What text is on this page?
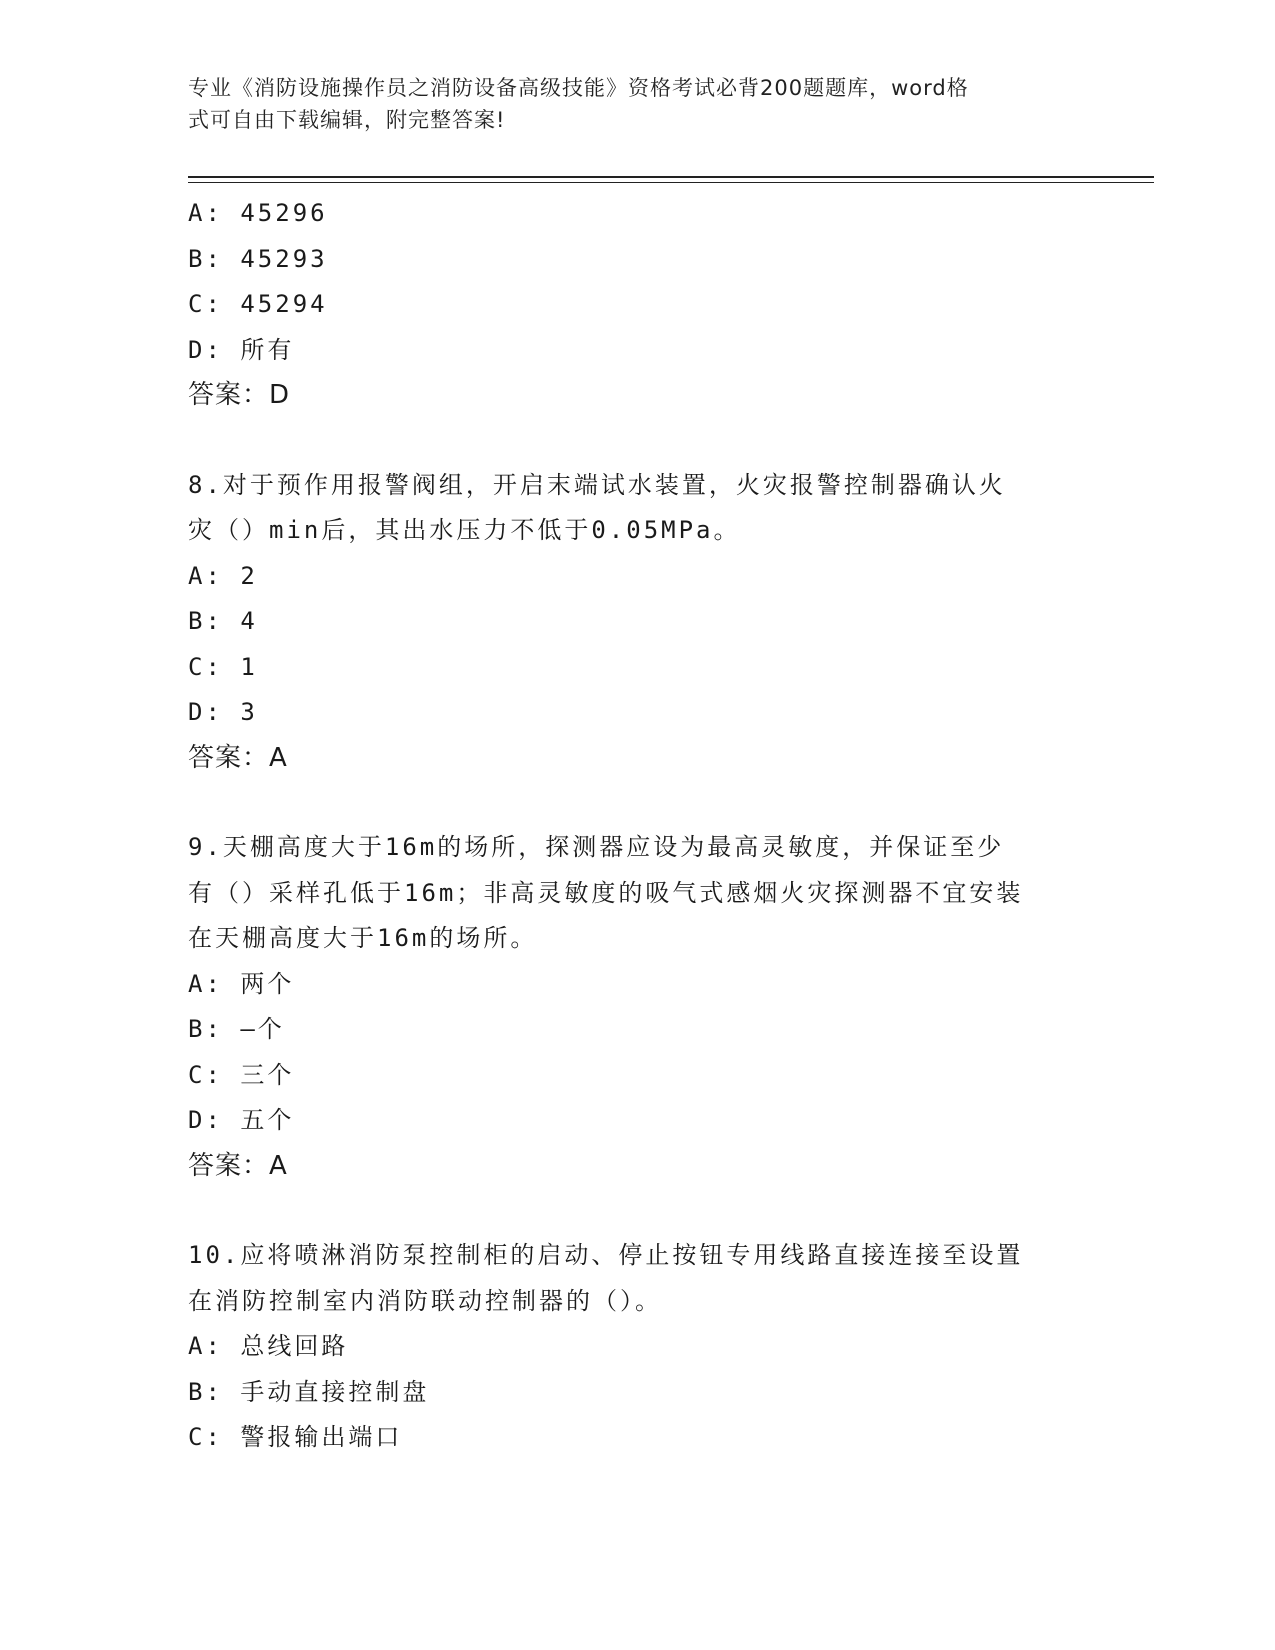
专业《消防设施操作员之消防设备高级技能》资格考试必背200题题库，word格
式可自由下载编辑，附完整答案!
A: 45296
B: 45293
C: 45294
D: 所有
答案：D
8.对于预作用报警阀组，开启末端试水装置，火灾报警控制器确认火
灾（）min后，其出水压力不低于0.05MPa。
A: 2
B: 4
C: 1
D: 3
答案：A
9.天棚高度大于16m的场所，探测器应设为最高灵敏度，并保证至少
有（）采样孔低于16m；非高灵敏度的吸气式感烟火灾探测器不宜安装
在天棚高度大于16m的场所。
A: 两个
B: —个
C: 三个
D: 五个
答案：A
10.应将喷淋消防泵控制柜的启动、停止按钮专用线路直接连接至设置
在消防控制室内消防联动控制器的（）。
A: 总线回路
B: 手动直接控制盘
C: 警报输出端口
